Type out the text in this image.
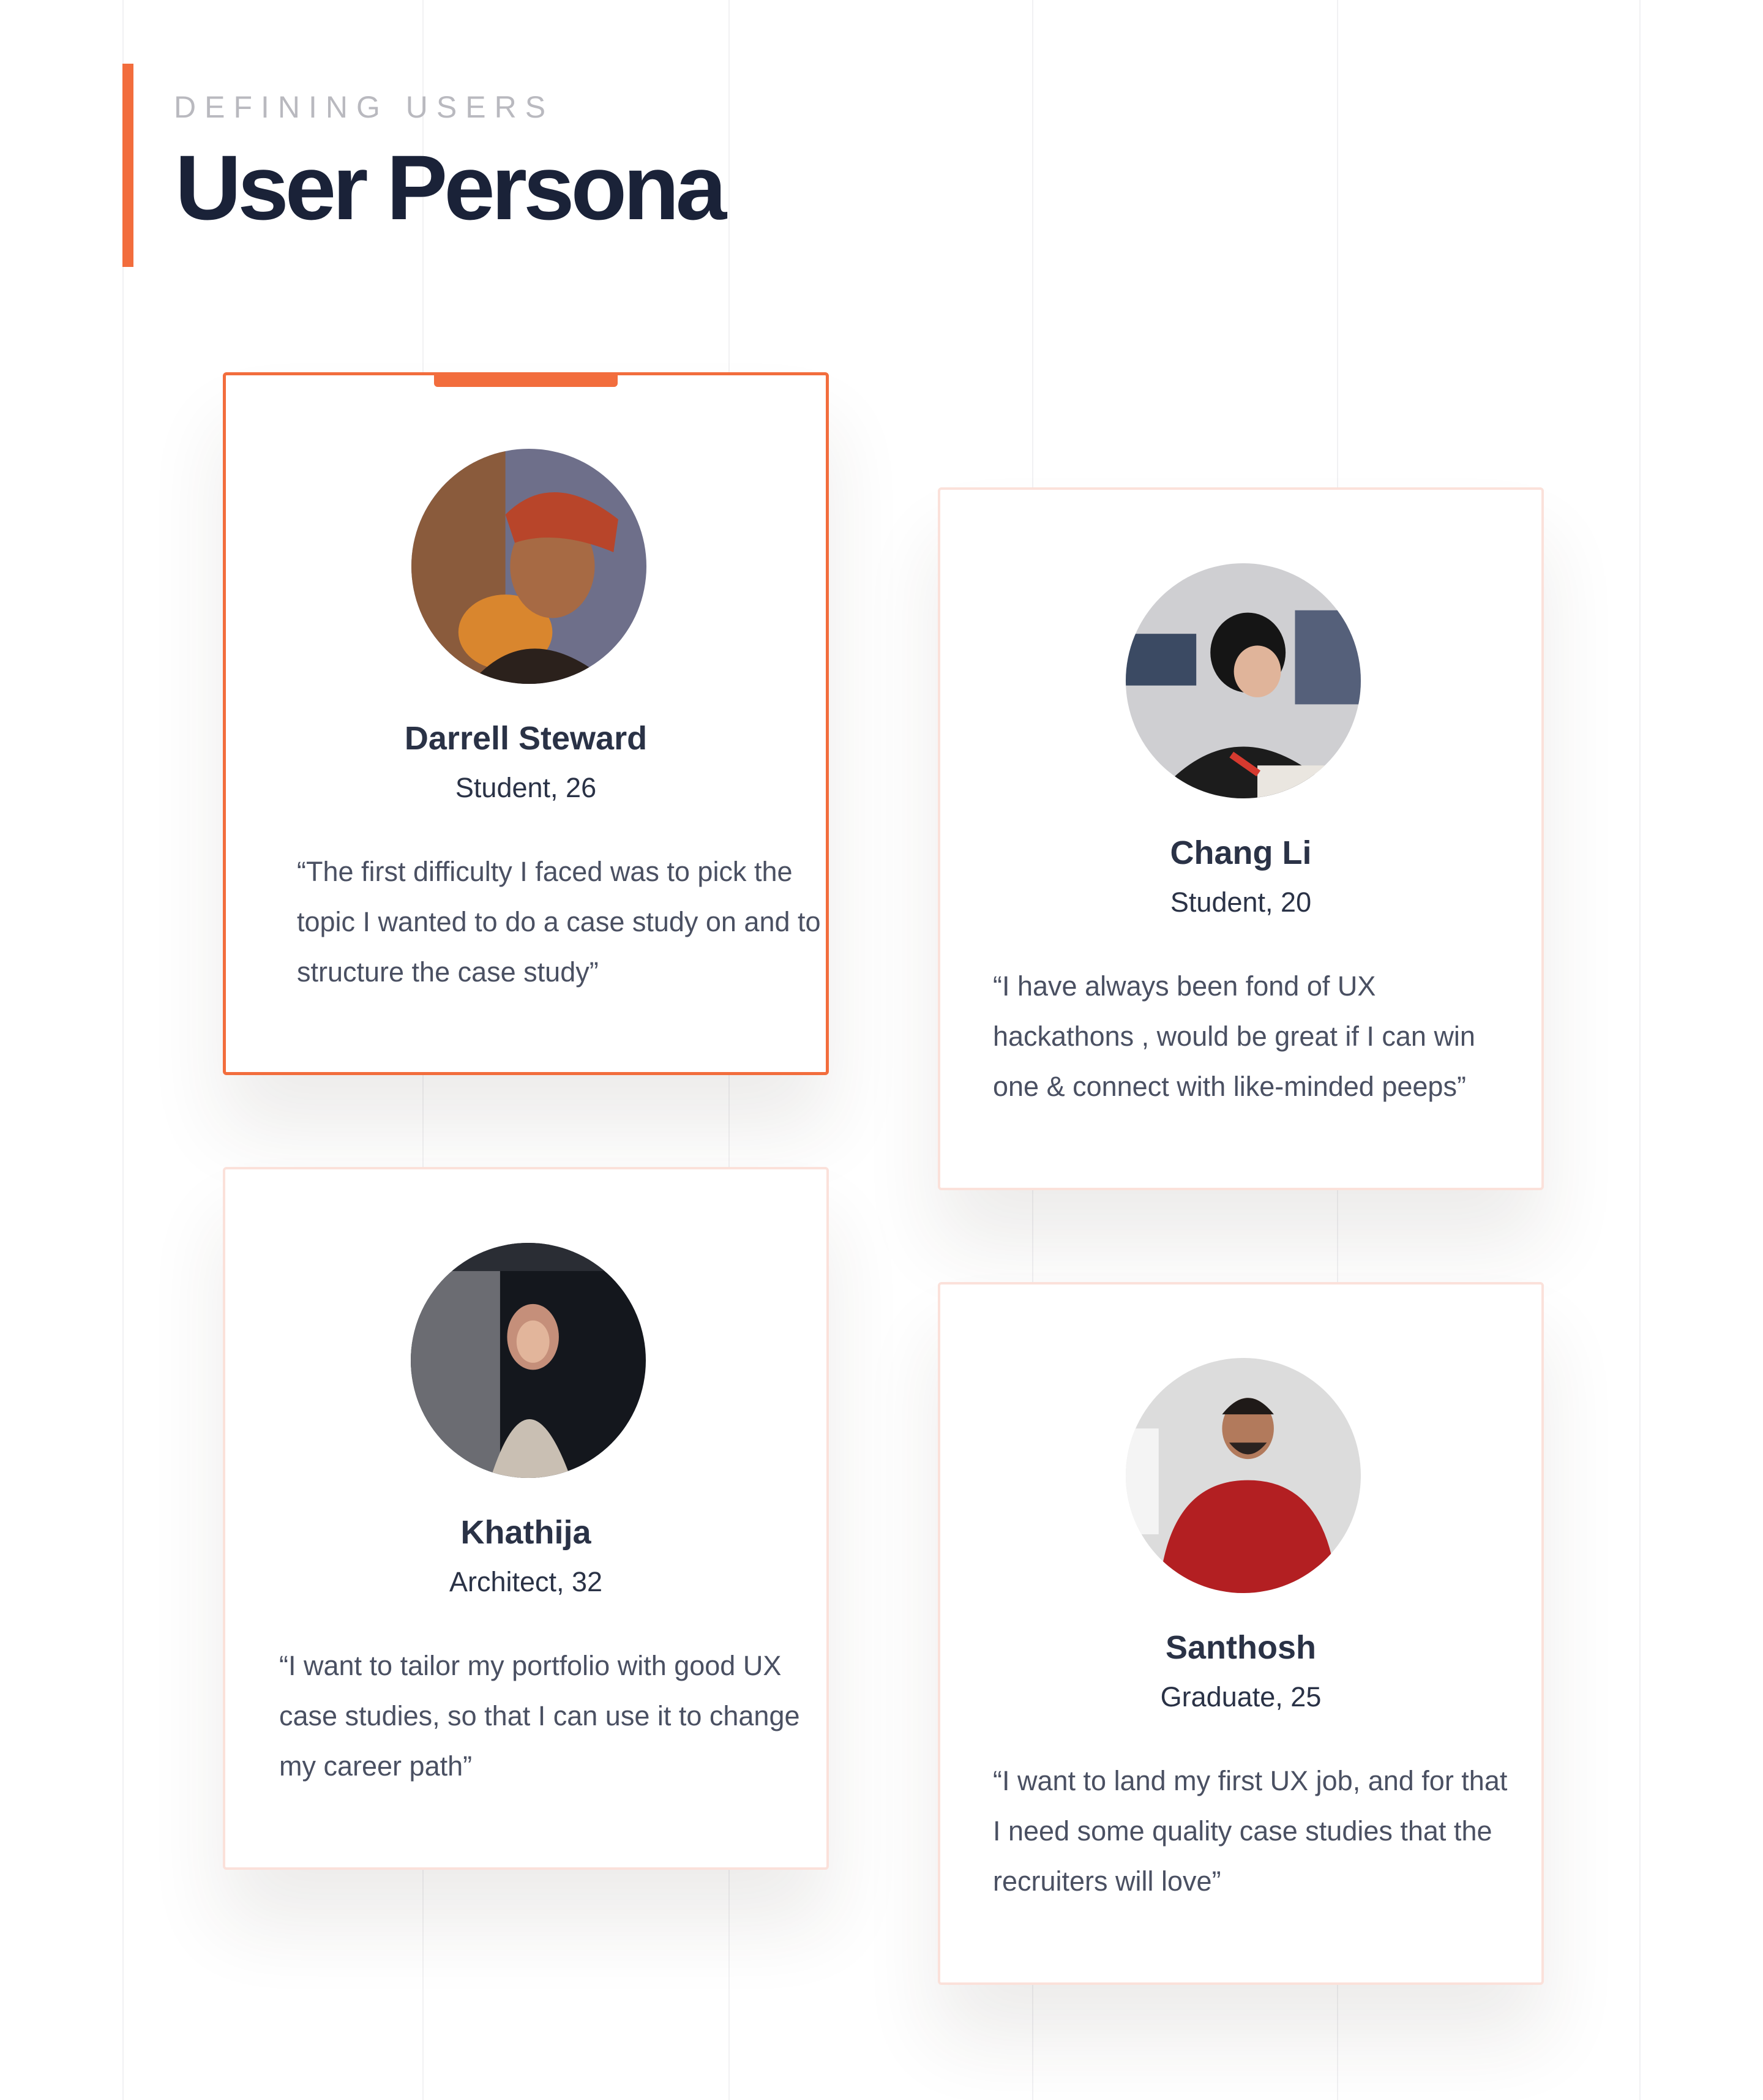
DEFINING USERS

User Persona

Darrell Steward

Student, 26

“The first difficulty I faced was to pick the topic I wanted to do a case study on and to structure the case study”

Chang Li

Student, 20

“I have always been fond of UX hackathons , would be great if I can win one & connect with like-minded peeps”

Khathija

Architect, 32

“I want to tailor my portfolio with good UX case studies, so that I can use it to change my career path”

Santhosh

Graduate, 25

“I want to land my first UX job, and for that I need some quality case studies that the recruiters will love”
